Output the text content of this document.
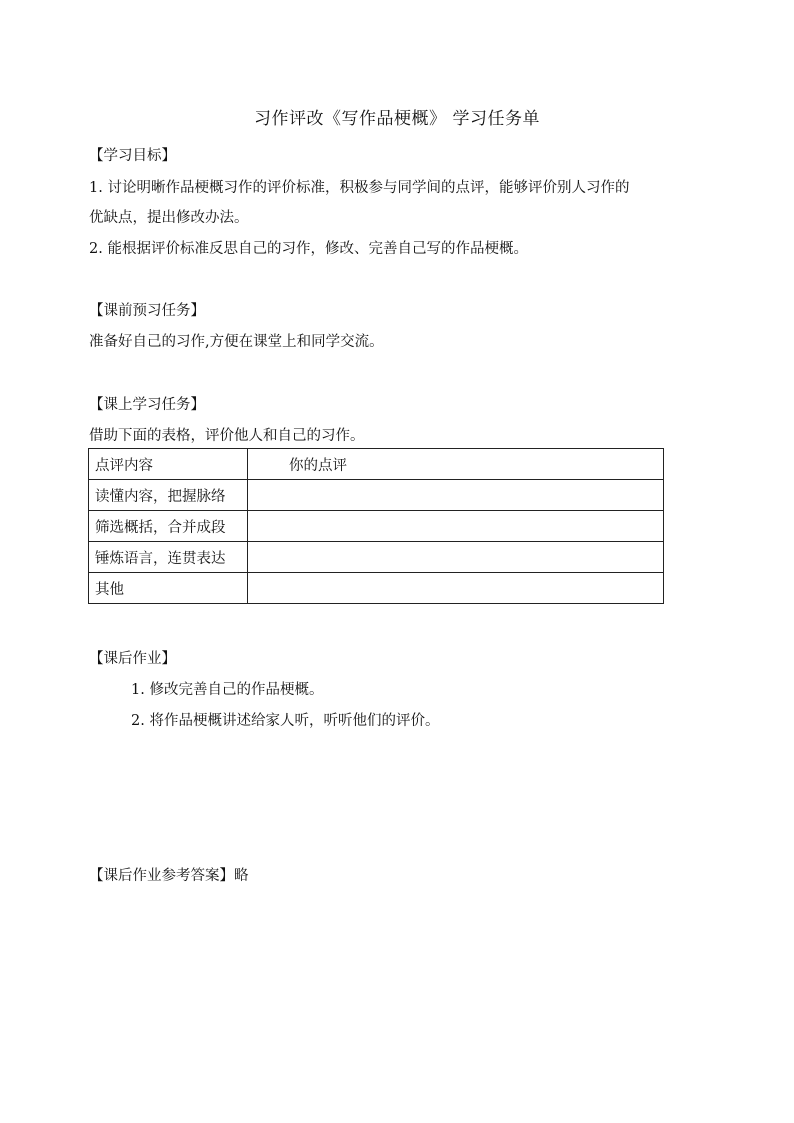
习作评改《写作品梗概》 学习任务单
【学习目标】
1. 讨论明晰作品梗概习作的评价标准，积极参与同学间的点评，能够评价别人习作的
优缺点，提出修改办法。
2. 能根据评价标准反思自己的习作，修改、完善自己写的作品梗概。
【课前预习任务】
准备好自己的习作,方便在课堂上和同学交流。
【课上学习任务】
借助下面的表格，评价他人和自己的习作。
点评内容	你的点评
读懂内容，把握脉络	
筛选概括，合并成段	
锤炼语言，连贯表达	
其他	
【课后作业】
1. 修改完善自己的作品梗概。
2. 将作品梗概讲述给家人听，听听他们的评价。
【课后作业参考答案】略
